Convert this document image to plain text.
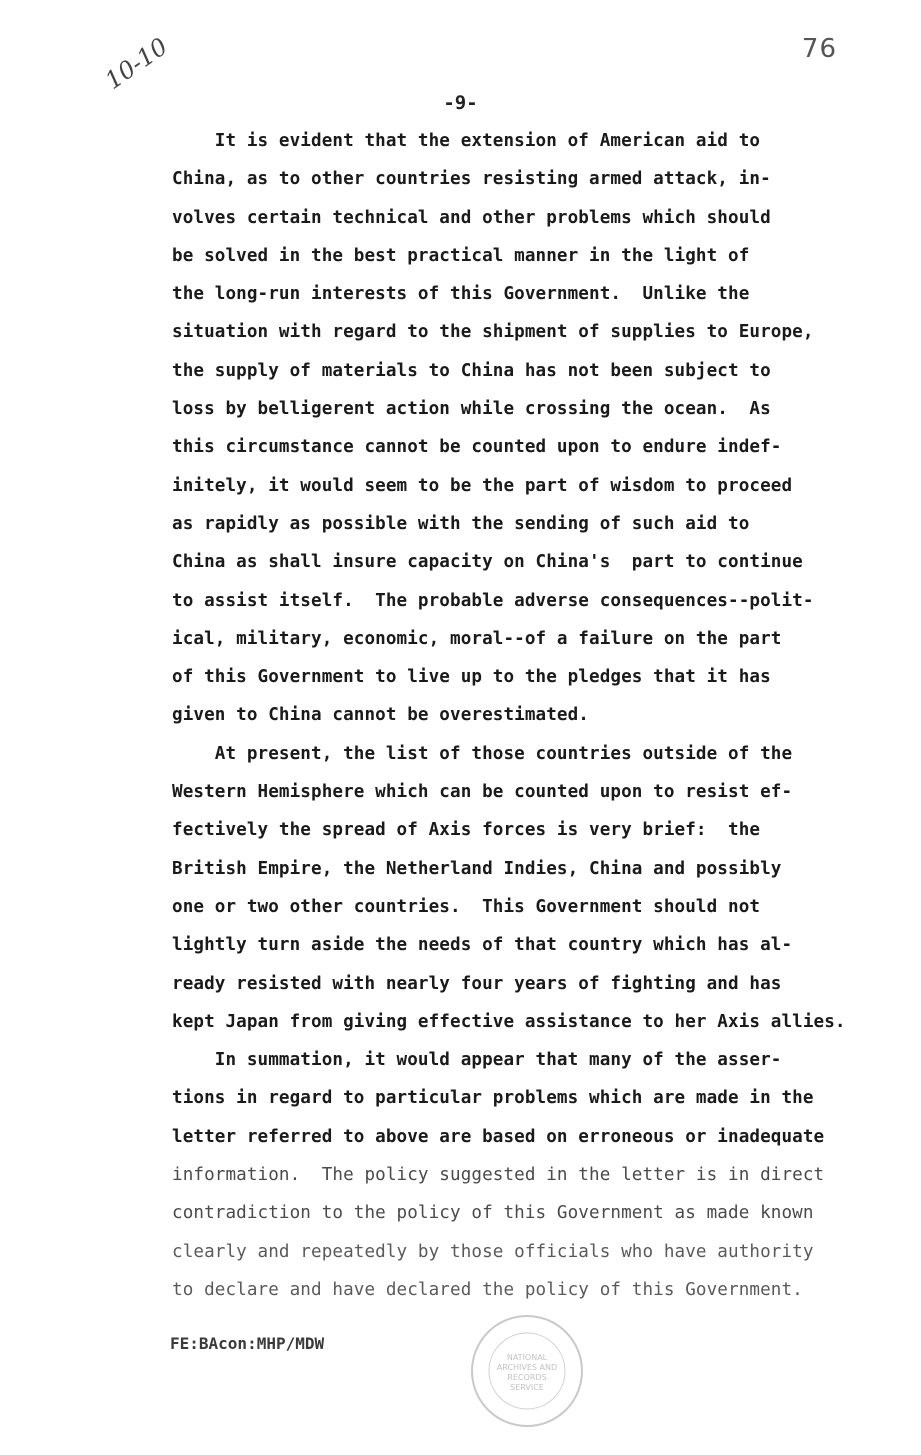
76
10-10
-9-
It is evident that the extension of American aid to
China, as to other countries resisting armed attack, in-
volves certain technical and other problems which should
be solved in the best practical manner in the light of
the long-run interests of this Government.  Unlike the
situation with regard to the shipment of supplies to Europe,
the supply of materials to China has not been subject to
loss by belligerent action while crossing the ocean.  As
this circumstance cannot be counted upon to endure indef-
initely, it would seem to be the part of wisdom to proceed
as rapidly as possible with the sending of such aid to
China as shall insure capacity on China's  part to continue
to assist itself.  The probable adverse consequences--polit-
ical, military, economic, moral--of a failure on the part
of this Government to live up to the pledges that it has
given to China cannot be overestimated.
At present, the list of those countries outside of the
Western Hemisphere which can be counted upon to resist ef-
fectively the spread of Axis forces is very brief:  the
British Empire, the Netherland Indies, China and possibly
one or two other countries.  This Government should not
lightly turn aside the needs of that country which has al-
ready resisted with nearly four years of fighting and has
kept Japan from giving effective assistance to her Axis allies.
In summation, it would appear that many of the asser-
tions in regard to particular problems which are made in the
letter referred to above are based on erroneous or inadequate
information.  The policy suggested in the letter is in direct
contradiction to the policy of this Government as made known
clearly and repeatedly by those officials who have authority
to declare and have declared the policy of this Government.
FE:BAcon:MHP/MDW
NATIONAL
ARCHIVES AND
RECORDS
SERVICE
